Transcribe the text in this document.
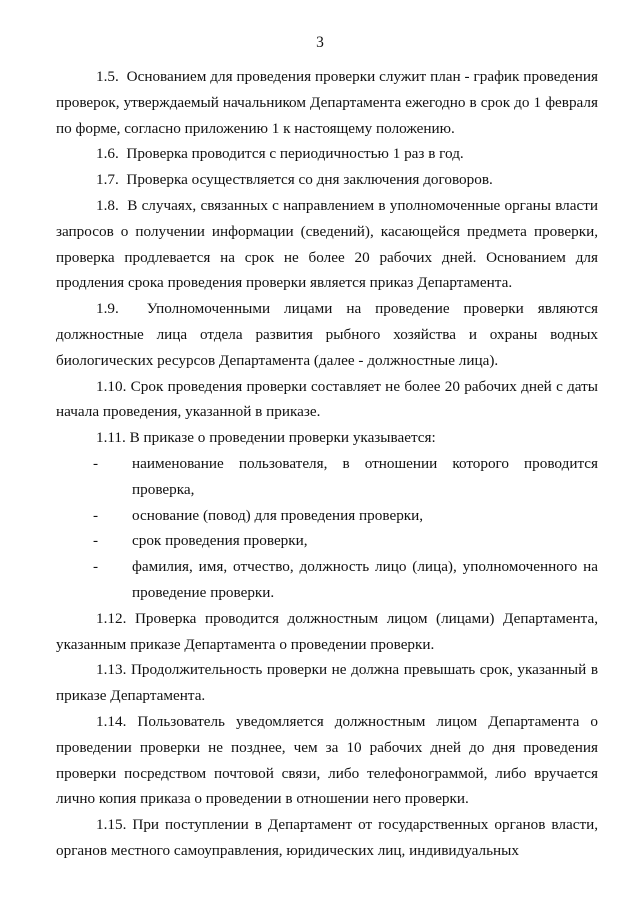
3

1.5.  Основанием для проведения проверки служит план - график проведения проверок, утверждаемый начальником Департамента ежегодно в срок до 1 февраля по форме, согласно приложению 1 к настоящему положению.

1.6.  Проверка проводится с периодичностью 1 раз в год.

1.7.  Проверка осуществляется со дня заключения договоров.

1.8.  В случаях, связанных с направлением в уполномоченные органы власти запросов о получении информации (сведений), касающейся предмета проверки, проверка продлевается на срок не более 20 рабочих дней. Основанием для продления срока проведения проверки является приказ Департамента.

1.9.  Уполномоченными лицами на проведение проверки являются должностные лица отдела развития рыбного хозяйства и охраны водных биологических ресурсов Департамента (далее - должностные лица).

1.10. Срок проведения проверки составляет не более 20 рабочих дней с даты начала проведения, указанной в приказе.

1.11. В приказе о проведении проверки указывается:

- наименование пользователя, в отношении которого проводится проверка,
- основание (повод) для проведения проверки,
- срок проведения проверки,
- фамилия, имя, отчество, должность лицо (лица), уполномоченного на проведение проверки.

1.12. Проверка проводится должностным лицом (лицами) Департамента, указанным приказе Департамента о проведении проверки.

1.13. Продолжительность проверки не должна превышать срок, указанный в приказе Департамента.

1.14. Пользователь уведомляется должностным лицом Департамента о проведении проверки не позднее, чем за 10 рабочих дней до дня проведения проверки посредством почтовой связи, либо телефонограммой, либо вручается лично копия приказа о проведении в отношении него проверки.

1.15. При поступлении в Департамент от государственных органов власти, органов местного самоуправления, юридических лиц, индивидуальных
